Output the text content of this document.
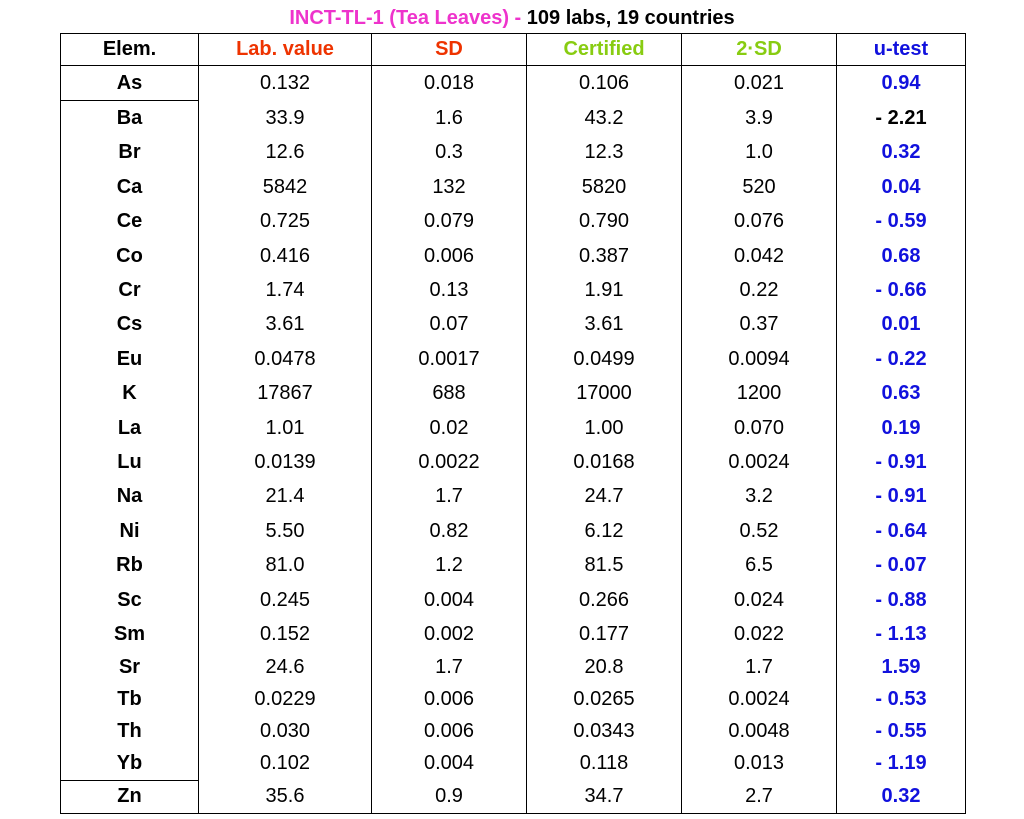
INCT-TL-1 (Tea Leaves) - 109 labs, 19 countries
Elem.	Lab. value	SD	Certified	2·SD	u-test
As	0.132	0.018	0.106	0.021	0.94
Ba	33.9	1.6	43.2	3.9	- 2.21
Br	12.6	0.3	12.3	1.0	0.32
Ca	5842	132	5820	520	0.04
Ce	0.725	0.079	0.790	0.076	- 0.59
Co	0.416	0.006	0.387	0.042	0.68
Cr	1.74	0.13	1.91	0.22	- 0.66
Cs	3.61	0.07	3.61	0.37	0.01
Eu	0.0478	0.0017	0.0499	0.0094	- 0.22
K	17867	688	17000	1200	0.63
La	1.01	0.02	1.00	0.070	0.19
Lu	0.0139	0.0022	0.0168	0.0024	- 0.91
Na	21.4	1.7	24.7	3.2	- 0.91
Ni	5.50	0.82	6.12	0.52	- 0.64
Rb	81.0	1.2	81.5	6.5	- 0.07
Sc	0.245	0.004	0.266	0.024	- 0.88
Sm	0.152	0.002	0.177	0.022	- 1.13
Sr	24.6	1.7	20.8	1.7	1.59
Tb	0.0229	0.006	0.0265	0.0024	- 0.53
Th	0.030	0.006	0.0343	0.0048	- 0.55
Yb	0.102	0.004	0.118	0.013	- 1.19
Zn	35.6	0.9	34.7	2.7	0.32
